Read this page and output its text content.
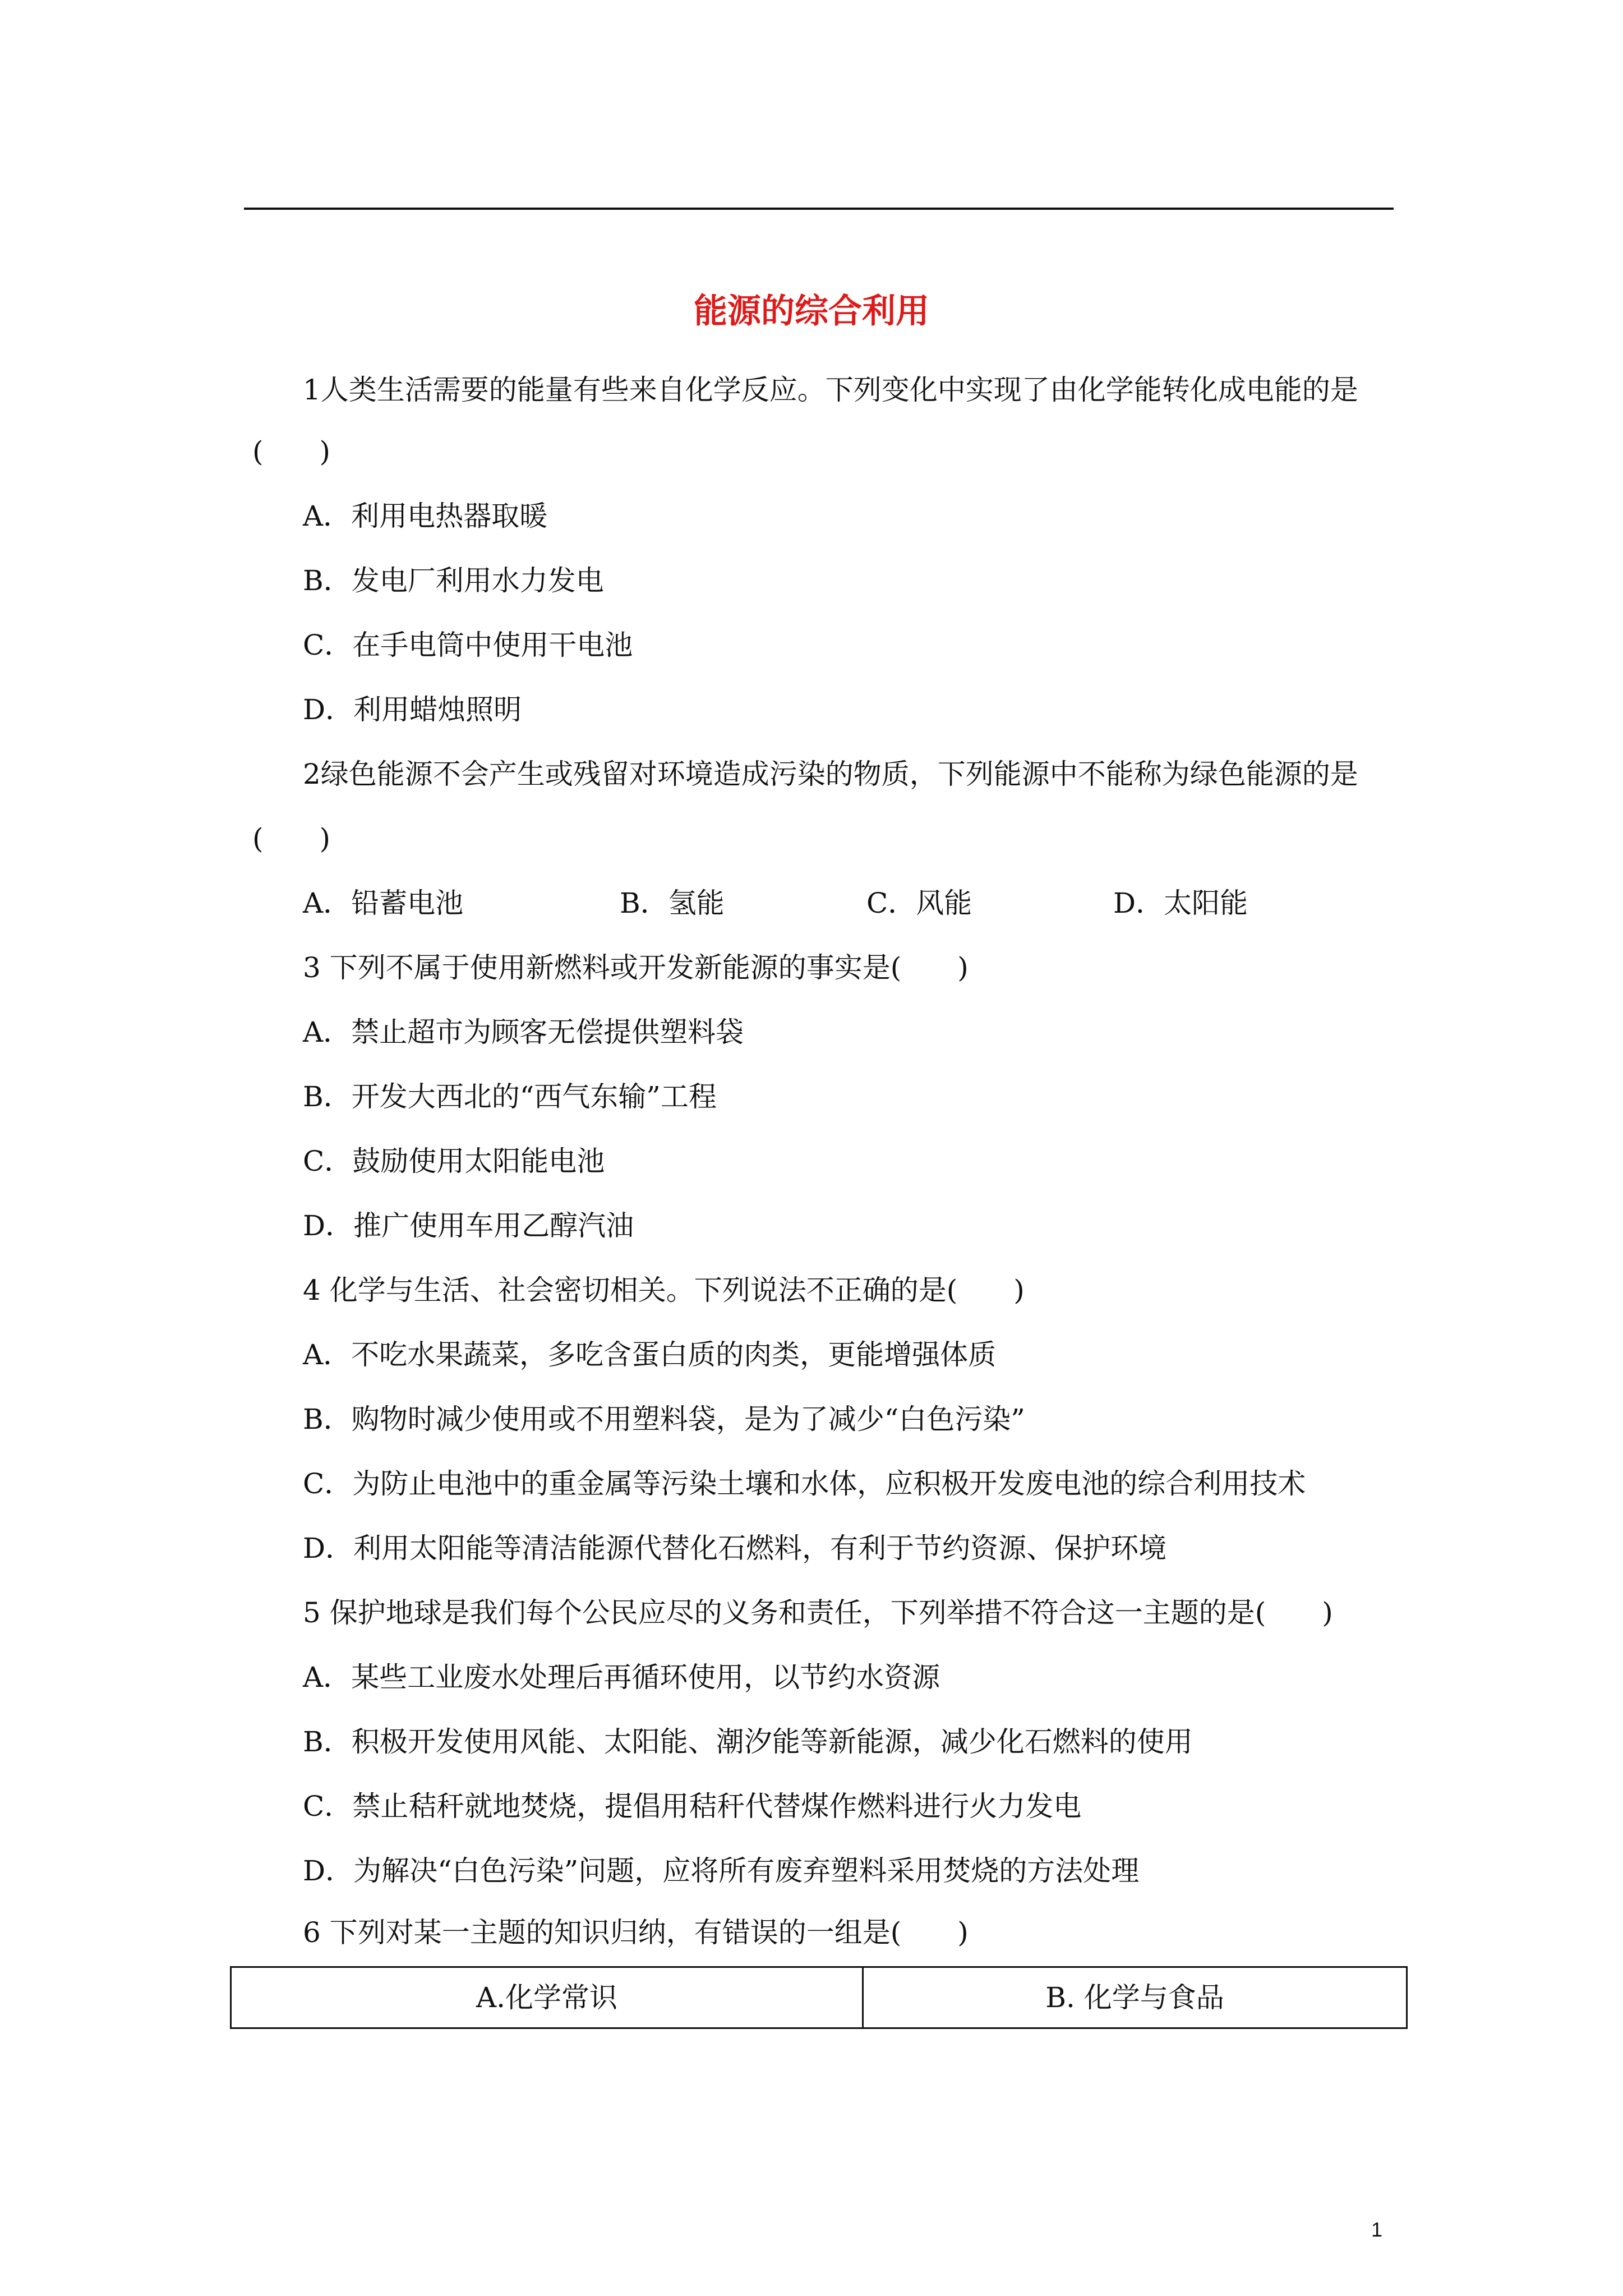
能源的综合利用
1人类生活需要的能量有些来自化学反应。下列变化中实现了由化学能转化成电能的是
(　　)
A．利用电热器取暖
B．发电厂利用水力发电
C．在手电筒中使用干电池
D．利用蜡烛照明
2绿色能源不会产生或残留对环境造成污染的物质，下列能源中不能称为绿色能源的是
(　　)
A．铅蓄电池	B．氢能	C．风能	D．太阳能
3 下列不属于使用新燃料或开发新能源的事实是(　　)
A．禁止超市为顾客无偿提供塑料袋
B．开发大西北的“西气东输”工程
C．鼓励使用太阳能电池
D．推广使用车用乙醇汽油
4 化学与生活、社会密切相关。下列说法不正确的是(　　)
A．不吃水果蔬菜，多吃含蛋白质的肉类，更能增强体质
B．购物时减少使用或不用塑料袋，是为了减少“白色污染”
C．为防止电池中的重金属等污染土壤和水体，应积极开发废电池的综合利用技术
D．利用太阳能等清洁能源代替化石燃料，有利于节约资源、保护环境
5 保护地球是我们每个公民应尽的义务和责任，下列举措不符合这一主题的是(　　)
A．某些工业废水处理后再循环使用，以节约水资源
B．积极开发使用风能、太阳能、潮汐能等新能源，减少化石燃料的使用
C．禁止秸秆就地焚烧，提倡用秸秆代替煤作燃料进行火力发电
D．为解决“白色污染”问题，应将所有废弃塑料采用焚烧的方法处理
6 下列对某一主题的知识归纳，有错误的一组是(　　)
A.化学常识	B. 化学与食品
1
